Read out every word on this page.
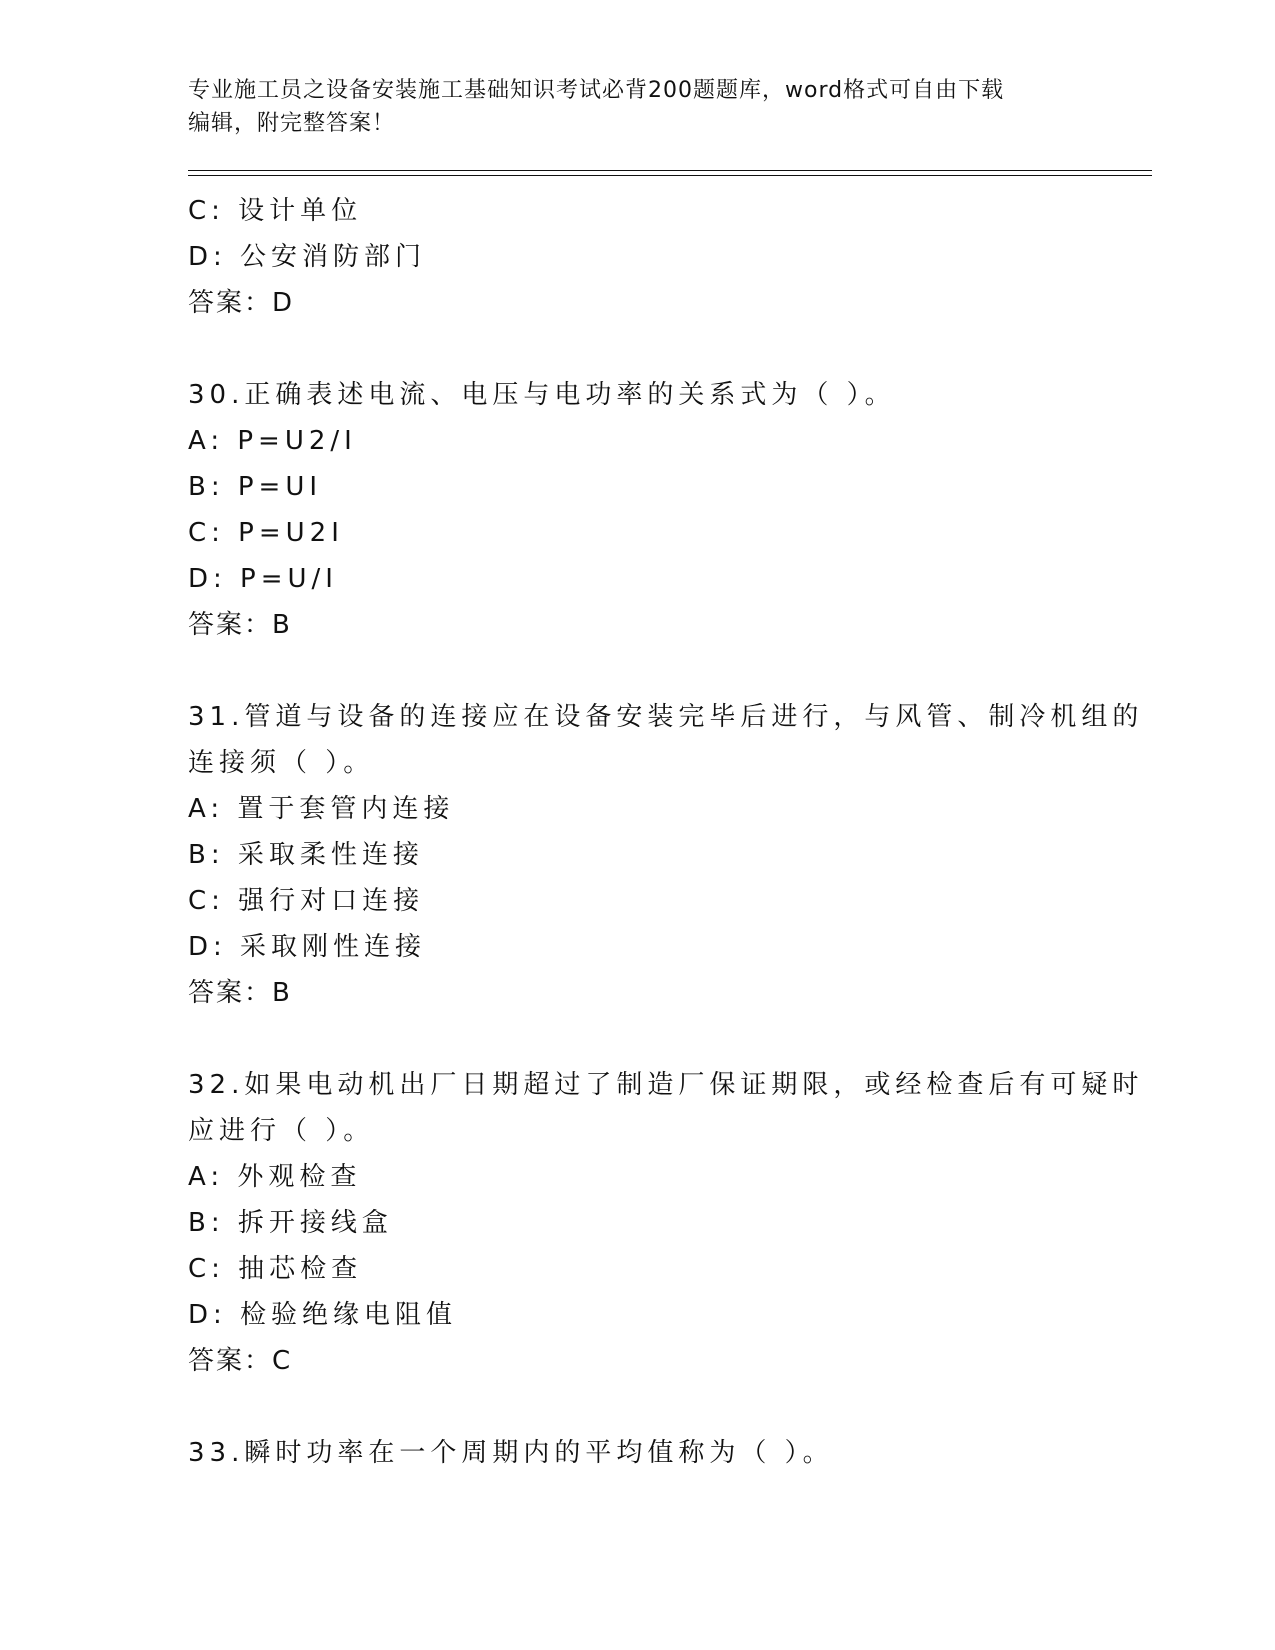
专业施工员之设备安装施工基础知识考试必背200题题库，word格式可自由下载
编辑，附完整答案！
C: 设计单位
D: 公安消防部门
答案：D
30.正确表述电流、电压与电功率的关系式为（ ）。
A: P=U2/I
B: P=UI
C: P=U2I
D: P=U/I
答案：B
31.管道与设备的连接应在设备安装完毕后进行，与风管、制冷机组的
连接须（ ）。
A: 置于套管内连接
B: 采取柔性连接
C: 强行对口连接
D: 采取刚性连接
答案：B
32.如果电动机出厂日期超过了制造厂保证期限，或经检查后有可疑时
应进行（ ）。
A: 外观检查
B: 拆开接线盒
C: 抽芯检查
D: 检验绝缘电阻值
答案：C
33.瞬时功率在一个周期内的平均值称为（ ）。
